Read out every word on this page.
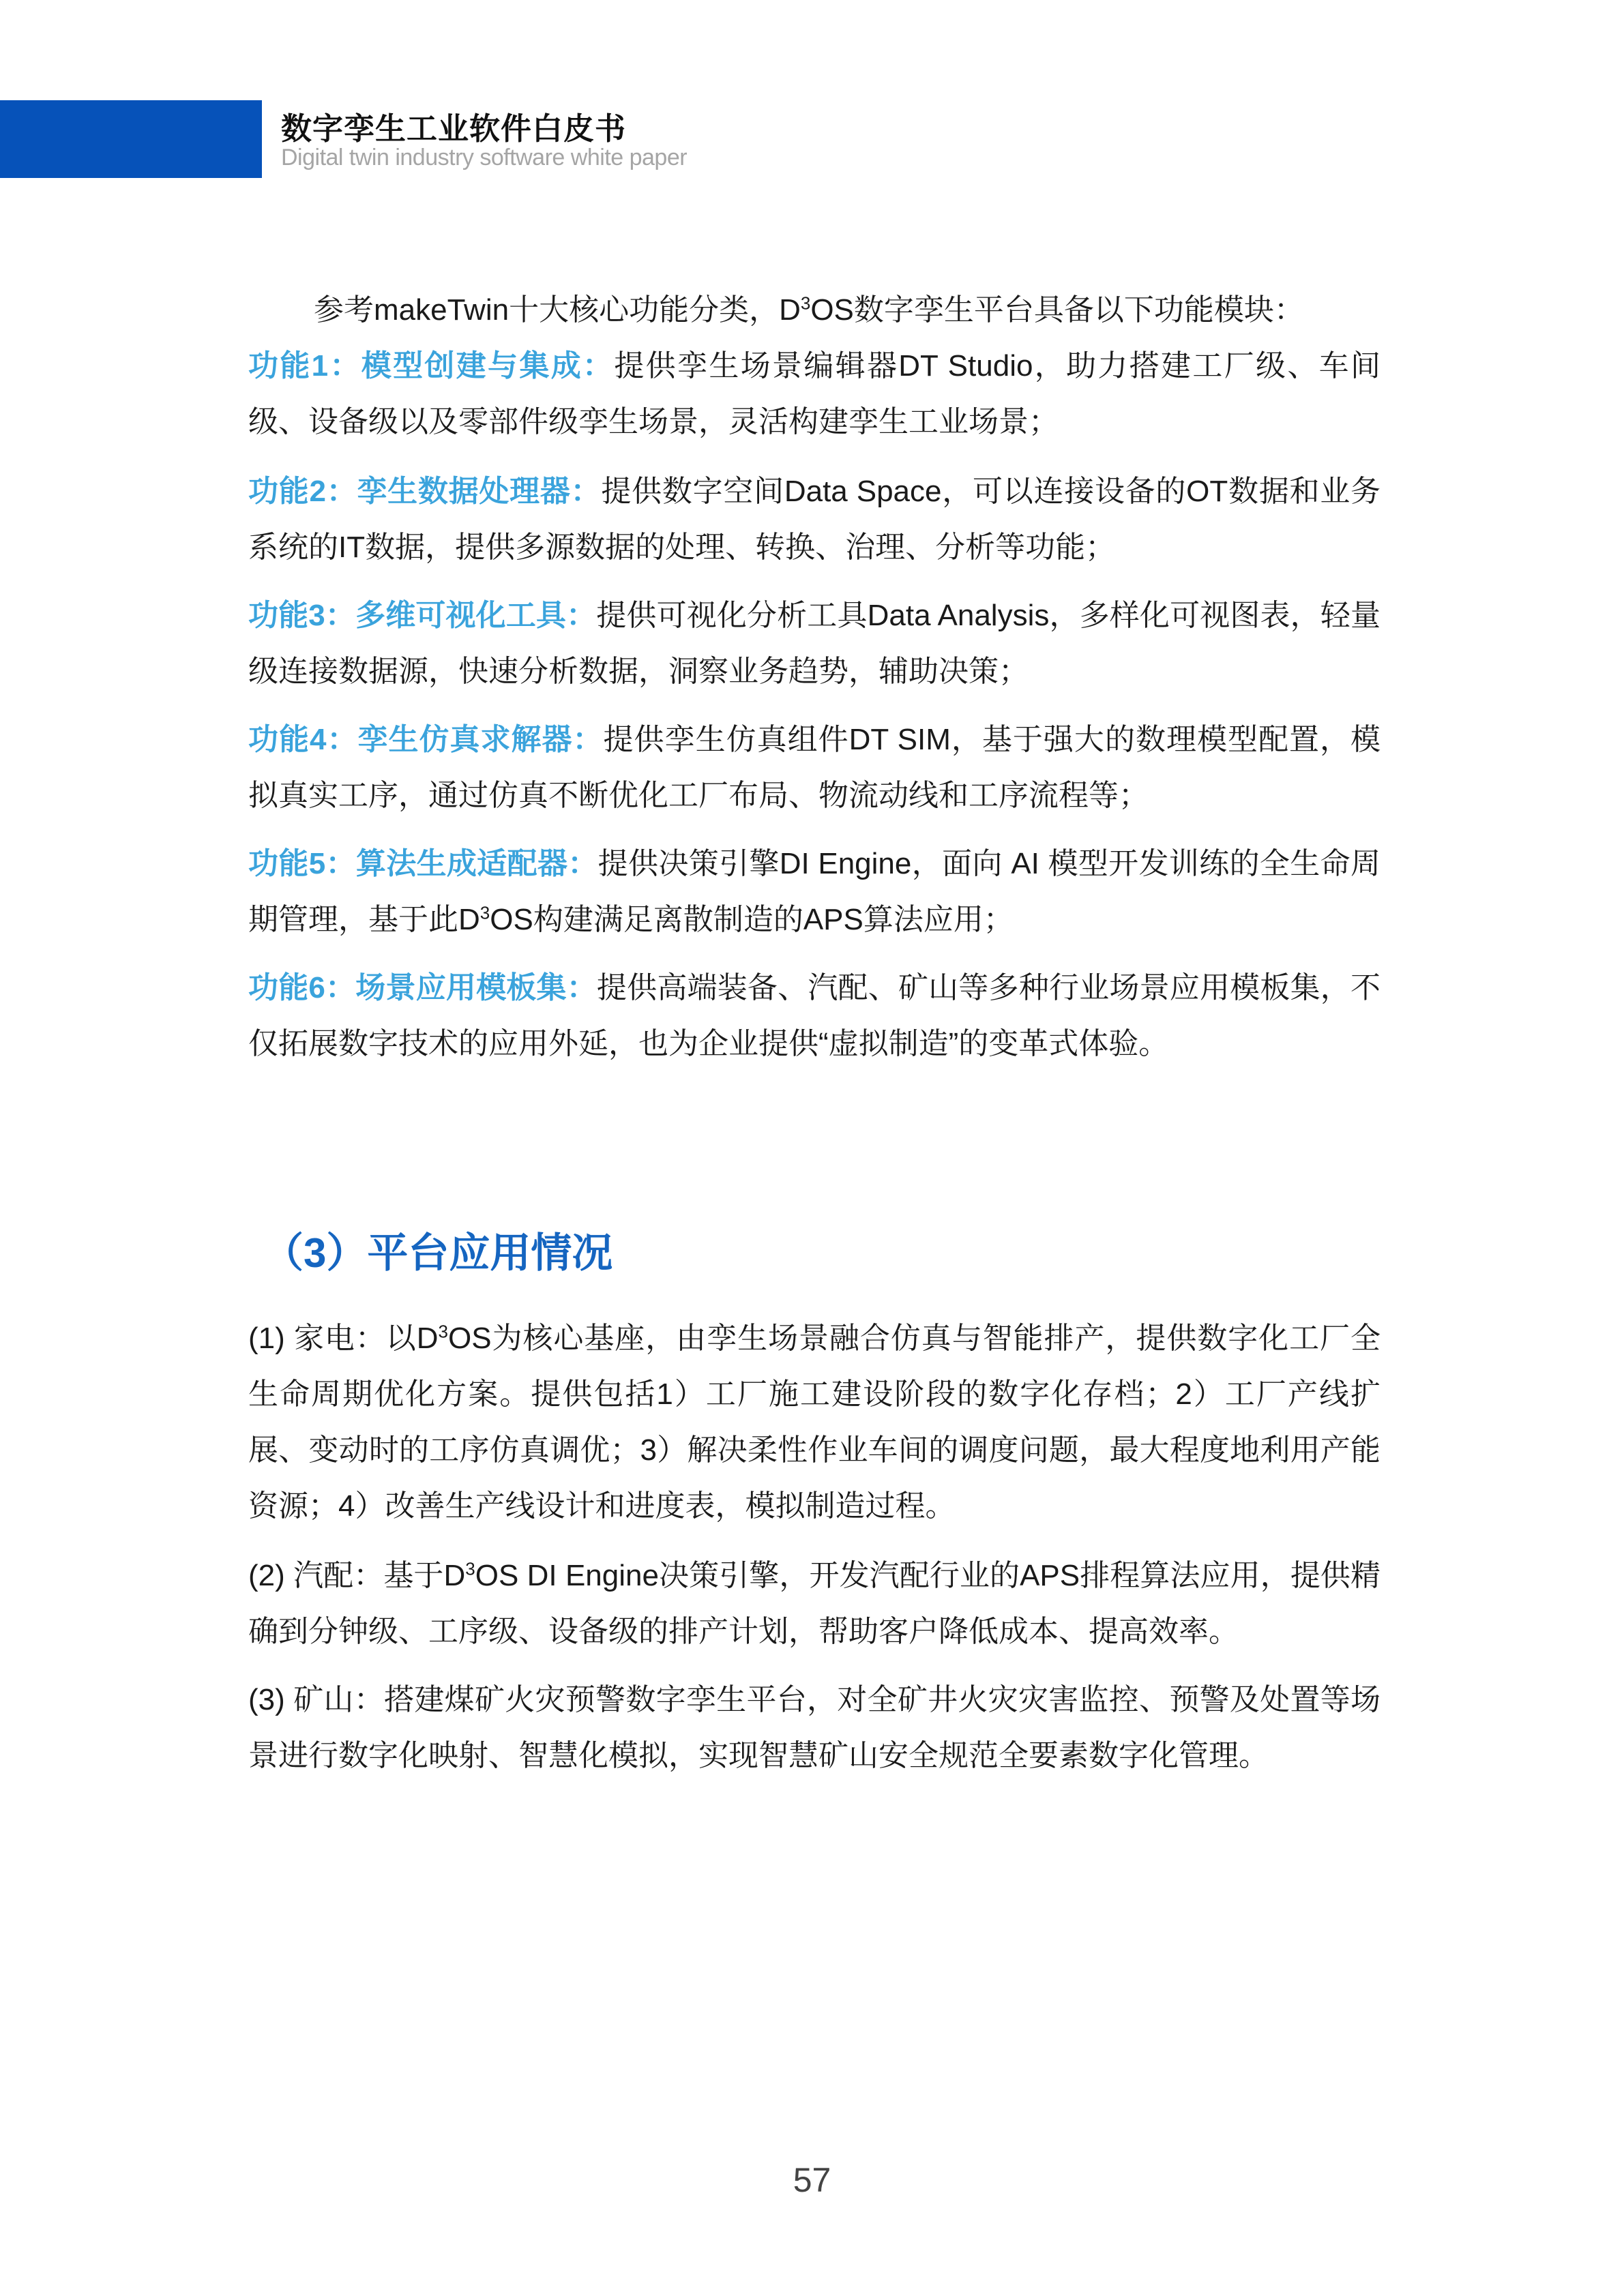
数字孪生工业软件白皮书
Digital twin industry software white paper
参考makeTwin十大核心功能分类，$D^3OS$数字孪生平台具备以下功能模块：
功能1：模型创建与集成：提供孪生场景编辑器DT Studio，助力搭建工厂级、车间级、设备级以及零部件级孪生场景，灵活构建孪生工业场景；
功能2：孪生数据处理器：提供数字空间Data Space，可以连接设备的OT数据和业务系统的IT数据，提供多源数据的处理、转换、治理、分析等功能；
功能3：多维可视化工具：提供可视化分析工具Data Analysis，多样化可视图表，轻量级连接数据源，快速分析数据，洞察业务趋势，辅助决策；
功能4：孪生仿真求解器：提供孪生仿真组件DT SIM，基于强大的数理模型配置，模拟真实工序，通过仿真不断优化工厂布局、物流动线和工序流程等；
功能5：算法生成适配器：提供决策引擎DI Engine，面向 AI 模型开发训练的全生命周期管理，基于此$D^3OS$构建满足离散制造的APS算法应用；
功能6：场景应用模板集：提供高端装备、汽配、矿山等多种行业场景应用模板集，不仅拓展数字技术的应用外延，也为企业提供“虚拟制造”的变革式体验。
（3）平台应用情况
(1) 家电：以$D^3OS$为核心基座，由孪生场景融合仿真与智能排产，提供数字化工厂全生命周期优化方案。提供包括1）工厂施工建设阶段的数字化存档；2）工厂产线扩展、变动时的工序仿真调优；3）解决柔性作业车间的调度问题，最大程度地利用产能资源；4）改善生产线设计和进度表，模拟制造过程。
(2) 汽配：基于$D^3OS$ DI Engine决策引擎，开发汽配行业的APS排程算法应用，提供精确到分钟级、工序级、设备级的排产计划，帮助客户降低成本、提高效率。
(3) 矿山：搭建煤矿火灾预警数字孪生平台，对全矿井火灾灾害监控、预警及处置等场景进行数字化映射、智慧化模拟，实现智慧矿山安全规范全要素数字化管理。
57
